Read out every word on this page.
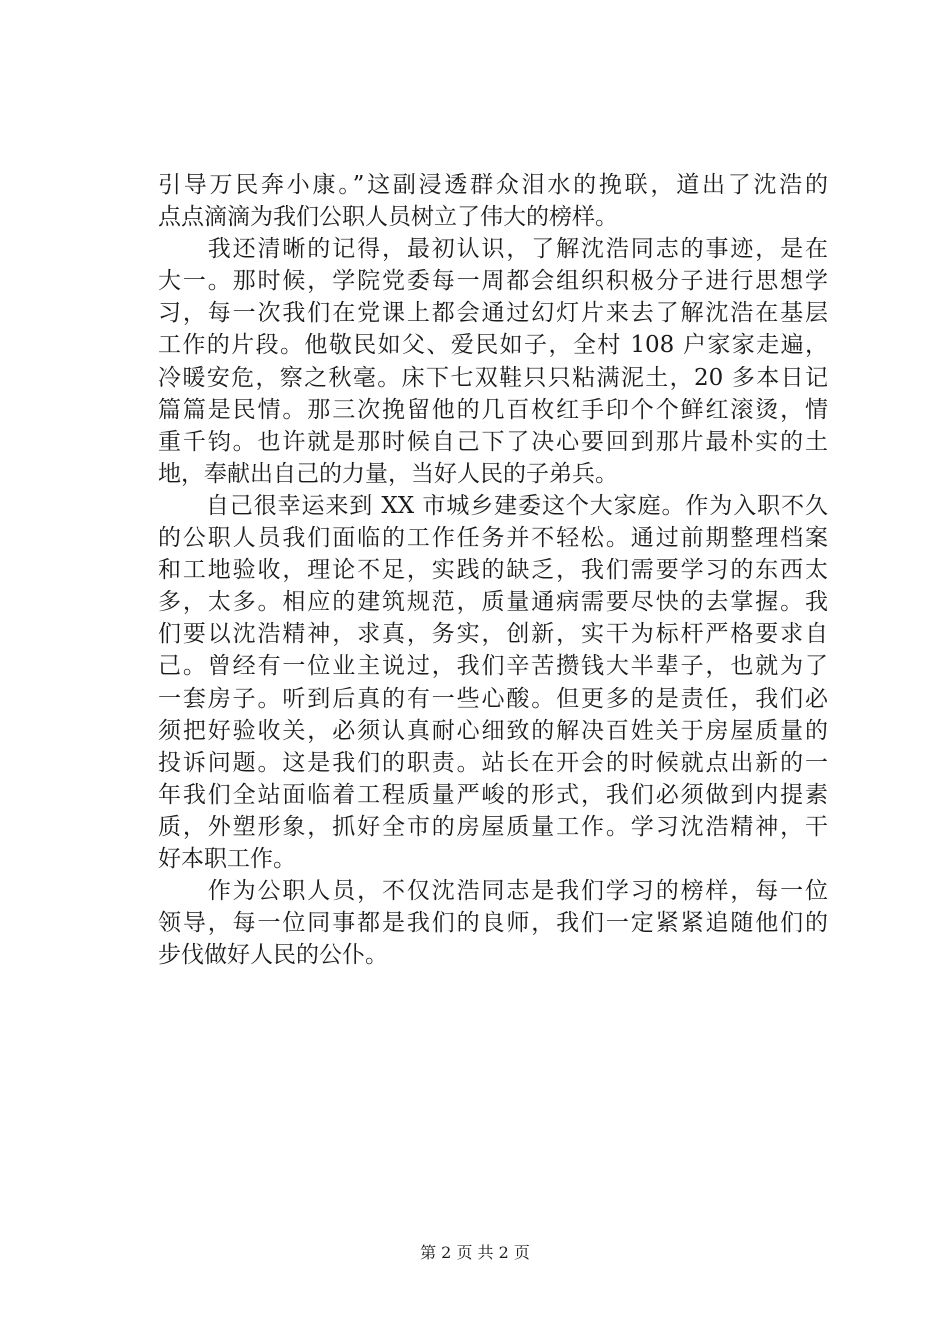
引导万民奔小康。”这副浸透群众泪水的挽联，道出了沈浩的
点点滴滴为我们公职人员树立了伟大的榜样。
　　我还清晰的记得，最初认识，了解沈浩同志的事迹，是在
大一。那时候，学院党委每一周都会组织积极分子进行思想学
习，每一次我们在党课上都会通过幻灯片来去了解沈浩在基层
工作的片段。他敬民如父、爱民如子，全村 108 户家家走遍，
冷暖安危，察之秋毫。床下七双鞋只只粘满泥土，20 多本日记
篇篇是民情。那三次挽留他的几百枚红手印个个鲜红滚烫，情
重千钧。也许就是那时候自己下了决心要回到那片最朴实的土
地，奉献出自己的力量，当好人民的子弟兵。
　　自己很幸运来到 XX 市城乡建委这个大家庭。作为入职不久
的公职人员我们面临的工作任务并不轻松。通过前期整理档案
和工地验收，理论不足，实践的缺乏，我们需要学习的东西太
多，太多。相应的建筑规范，质量通病需要尽快的去掌握。我
们要以沈浩精神，求真，务实，创新，实干为标杆严格要求自
己。曾经有一位业主说过，我们辛苦攒钱大半辈子，也就为了
一套房子。听到后真的有一些心酸。但更多的是责任，我们必
须把好验收关，必须认真耐心细致的解决百姓关于房屋质量的
投诉问题。这是我们的职责。站长在开会的时候就点出新的一
年我们全站面临着工程质量严峻的形式，我们必须做到内提素
质，外塑形象，抓好全市的房屋质量工作。学习沈浩精神，干
好本职工作。
　　作为公职人员，不仅沈浩同志是我们学习的榜样，每一位
领导，每一位同事都是我们的良师，我们一定紧紧追随他们的
步伐做好人民的公仆。
第 2 页 共 2 页
